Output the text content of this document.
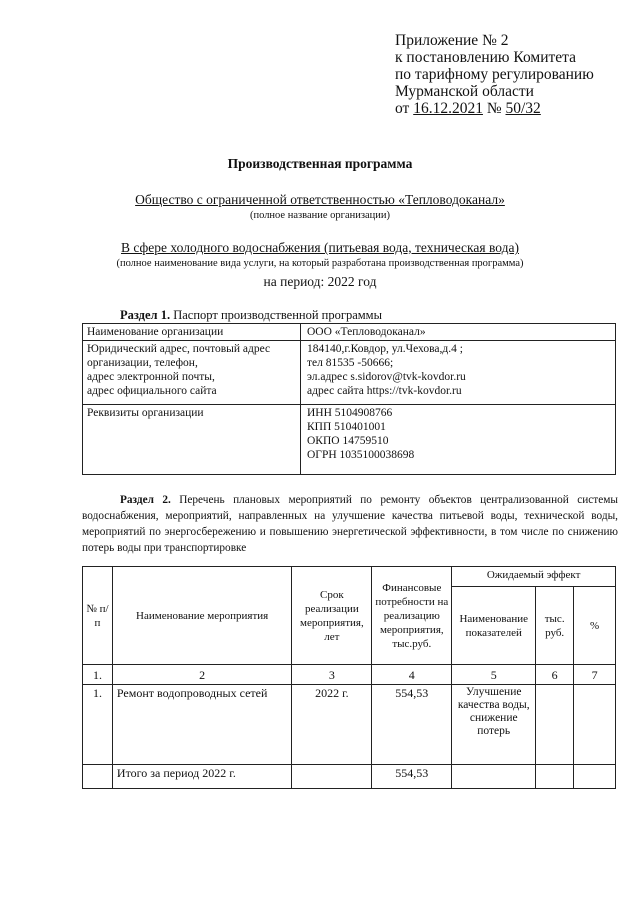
Приложение № 2
к постановлению Комитета
по тарифному регулированию
Мурманской области
от 16.12.2021 № 50/32
Производственная программа
Общество с ограниченной ответственностью «Тепловодоканал»
(полное название организации)
В сфере холодного водоснабжения (питьевая вода, техническая вода)
(полное наименование вида услуги, на который разработана производственная программа)
на период: 2022 год
Раздел 1. Паспорт производственной программы
Наименование организации	ООО «Тепловодоканал»

Юридический адрес, почтовый адрес
организации, телефон,
адрес электронной почты,
адрес официального сайта	184140,г.Ковдор, ул.Чехова,д.4 ;
тел 81535 -50666;
эл.адрес s.sidorov@tvk-kovdor.ru
адрес сайта https://tvk-kovdor.ru

Реквизиты организации	ИНН 5104908766
КПП 510401001
ОКПО 14759510
ОГРН 1035100038698
Раздел 2. Перечень плановых мероприятий по ремонту объектов централизованной системы водоснабжения, мероприятий, направленных на улучшение качества питьевой воды, технической воды, мероприятий по энергосбережению и повышению энергетической эффективности, в том числе по снижению потерь воды при транспортировке
№ п/п	Наименование мероприятия	Срок реализации мероприятия, лет	Финансовые потребности на реализацию мероприятия, тыс.руб.	Ожидаемый эффект		
				Наименование показателей	тыс. руб.	%
1.	2	3	4	5	6	7
1.	Ремонт водопроводных сетей	2022 г.	554,53	Улучшение качества воды, снижение потерь		
	Итого за период 2022 г.		554,53			
